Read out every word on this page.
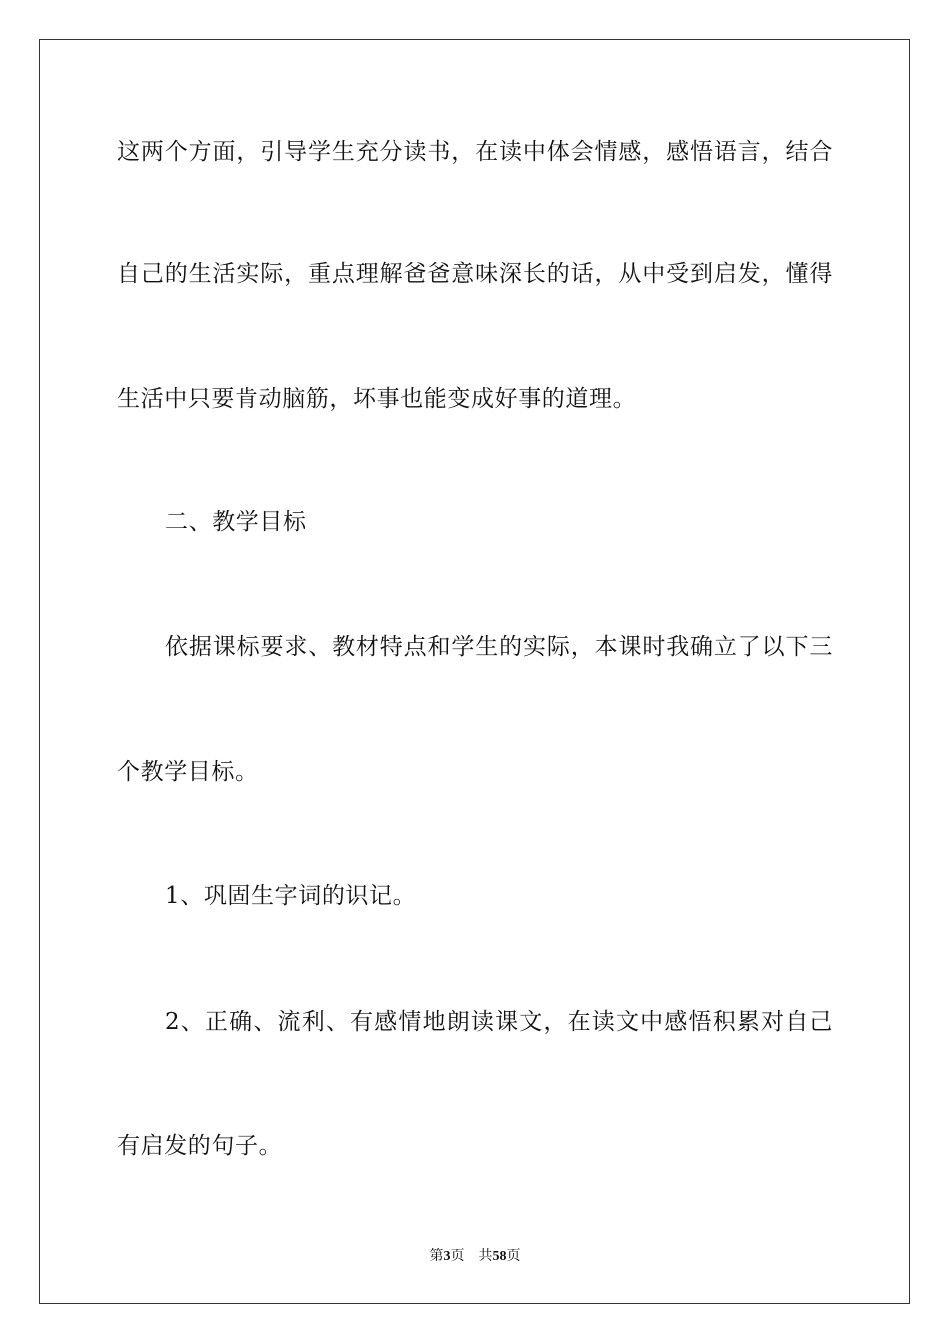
这两个方面，引导学生充分读书，在读中体会情感，感悟语言，结合
自己的生活实际，重点理解爸爸意味深长的话，从中受到启发，懂得
生活中只要肯动脑筋，坏事也能变成好事的道理。
二、教学目标
依据课标要求、教材特点和学生的实际，本课时我确立了以下三
个教学目标。
1、巩固生字词的识记。
2、正确、流利、有感情地朗读课文，在读文中感悟积累对自己
有启发的句子。
第3页 共58页
